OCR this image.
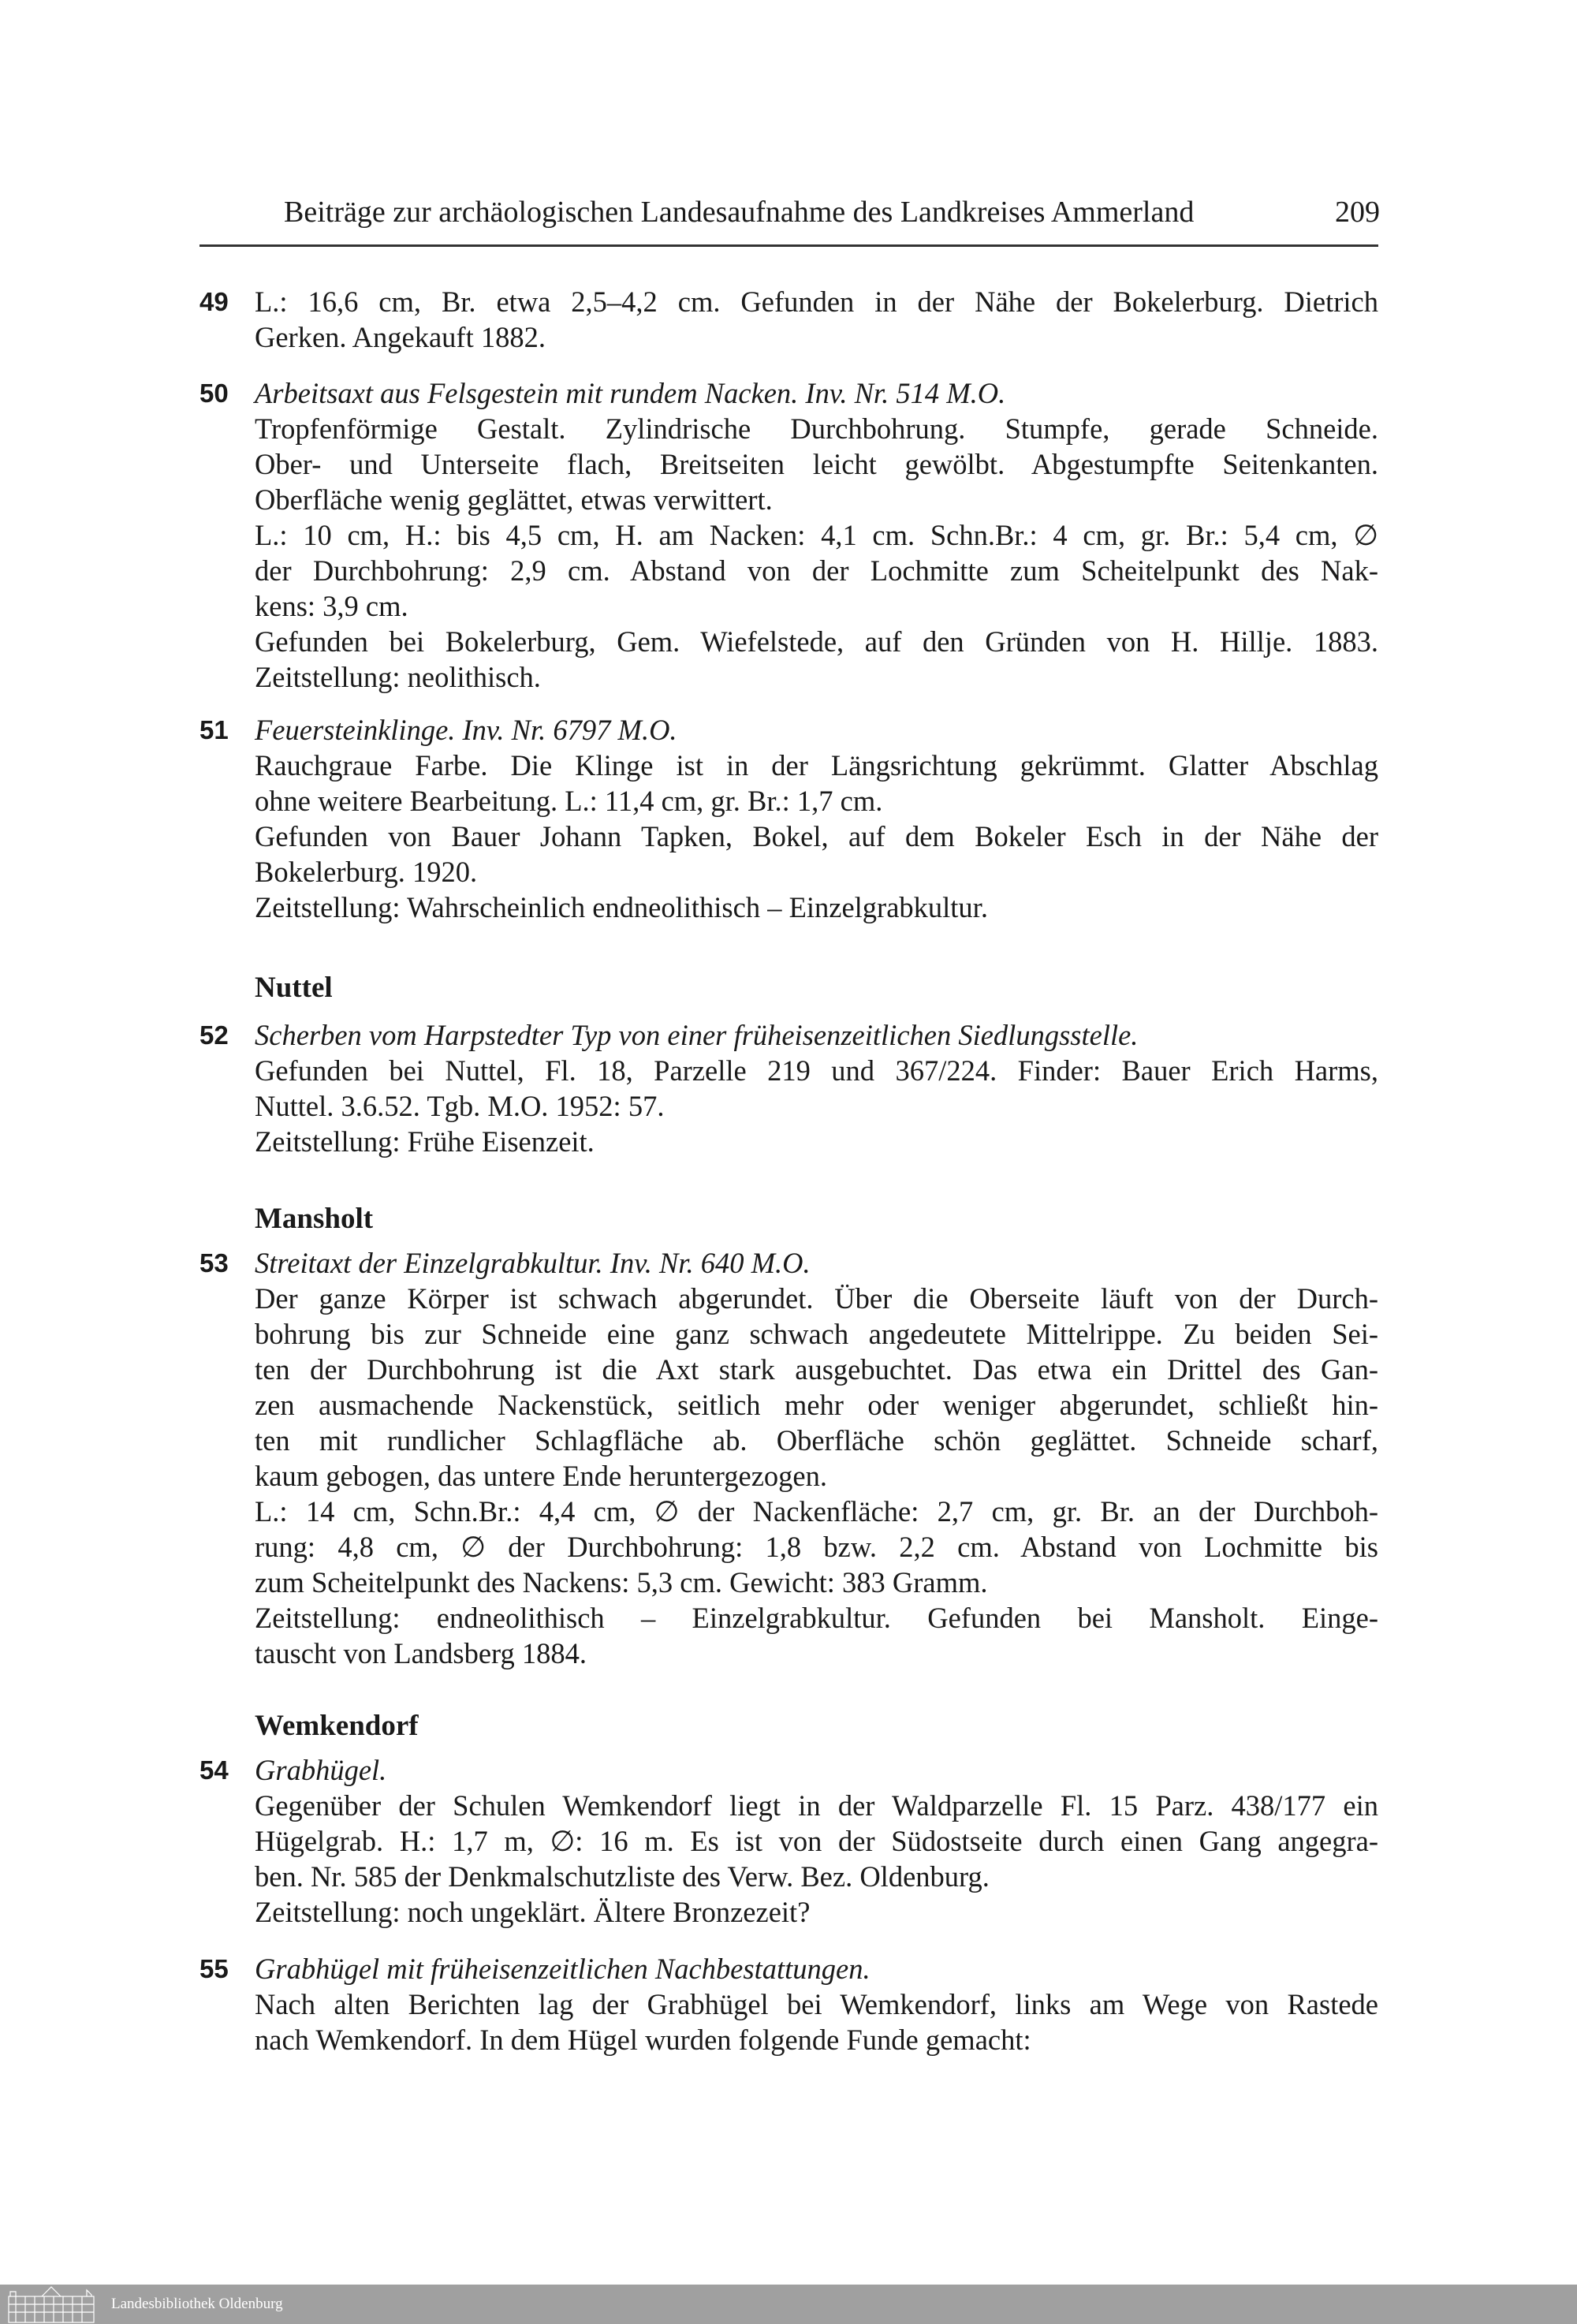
Beiträge zur archäologischen Landesaufnahme des Landkreises Ammerland	209
Nuttel
Mansholt
Wemkendorf
49 L.: 16,6 cm, Br. etwa 2,5–4,2 cm. Gefunden in der Nähe der Bokelerburg. Dietrich
Gerken. Angekauft 1882.
50 Arbeitsaxt aus Felsgestein mit rundem Nacken. Inv. Nr. 514 M.O.
Tropfenförmige Gestalt. Zylindrische Durchbohrung. Stumpfe, gerade Schneide.
Ober- und Unterseite flach, Breitseiten leicht gewölbt. Abgestumpfte Seitenkanten.
Oberfläche wenig geglättet, etwas verwittert.
L.: 10 cm, H.: bis 4,5 cm, H. am Nacken: 4,1 cm. Schn.Br.: 4 cm, gr. Br.: 5,4 cm, ∅
der Durchbohrung: 2,9 cm. Abstand von der Lochmitte zum Scheitelpunkt des Nak-
kens: 3,9 cm.
Gefunden bei Bokelerburg, Gem. Wiefelstede, auf den Gründen von H. Hillje. 1883.
Zeitstellung: neolithisch.
51 Feuersteinklinge. Inv. Nr. 6797 M.O.
Rauchgraue Farbe. Die Klinge ist in der Längsrichtung gekrümmt. Glatter Abschlag
ohne weitere Bearbeitung. L.: 11,4 cm, gr. Br.: 1,7 cm.
Gefunden von Bauer Johann Tapken, Bokel, auf dem Bokeler Esch in der Nähe der
Bokelerburg. 1920.
Zeitstellung: Wahrscheinlich endneolithisch – Einzelgrabkultur.
52 Scherben vom Harpstedter Typ von einer früheisenzeitlichen Siedlungsstelle.
Gefunden bei Nuttel, Fl. 18, Parzelle 219 und 367/224. Finder: Bauer Erich Harms,
Nuttel. 3.6.52. Tgb. M.O. 1952: 57.
Zeitstellung: Frühe Eisenzeit.
53 Streitaxt der Einzelgrabkultur. Inv. Nr. 640 M.O.
Der ganze Körper ist schwach abgerundet. Über die Oberseite läuft von der Durch-
bohrung bis zur Schneide eine ganz schwach angedeutete Mittelrippe. Zu beiden Sei-
ten der Durchbohrung ist die Axt stark ausgebuchtet. Das etwa ein Drittel des Gan-
zen ausmachende Nackenstück, seitlich mehr oder weniger abgerundet, schließt hin-
ten mit rundlicher Schlagfläche ab. Oberfläche schön geglättet. Schneide scharf,
kaum gebogen, das untere Ende heruntergezogen.
L.: 14 cm, Schn.Br.: 4,4 cm, ∅ der Nackenfläche: 2,7 cm, gr. Br. an der Durchboh-
rung: 4,8 cm, ∅ der Durchbohrung: 1,8 bzw. 2,2 cm. Abstand von Lochmitte bis
zum Scheitelpunkt des Nackens: 5,3 cm. Gewicht: 383 Gramm.
Zeitstellung: endneolithisch – Einzelgrabkultur. Gefunden bei Mansholt. Einge-
tauscht von Landsberg 1884.
54 Grabhügel.
Gegenüber der Schulen Wemkendorf liegt in der Waldparzelle Fl. 15 Parz. 438/177 ein
Hügelgrab. H.: 1,7 m, ∅: 16 m. Es ist von der Südostseite durch einen Gang angegra-
ben. Nr. 585 der Denkmalschutzliste des Verw. Bez. Oldenburg.
Zeitstellung: noch ungeklärt. Ältere Bronzezeit?
55 Grabhügel mit früheisenzeitlichen Nachbestattungen.
Nach alten Berichten lag der Grabhügel bei Wemkendorf, links am Wege von Rastede
nach Wemkendorf. In dem Hügel wurden folgende Funde gemacht:
Landesbibliothek Oldenburg
